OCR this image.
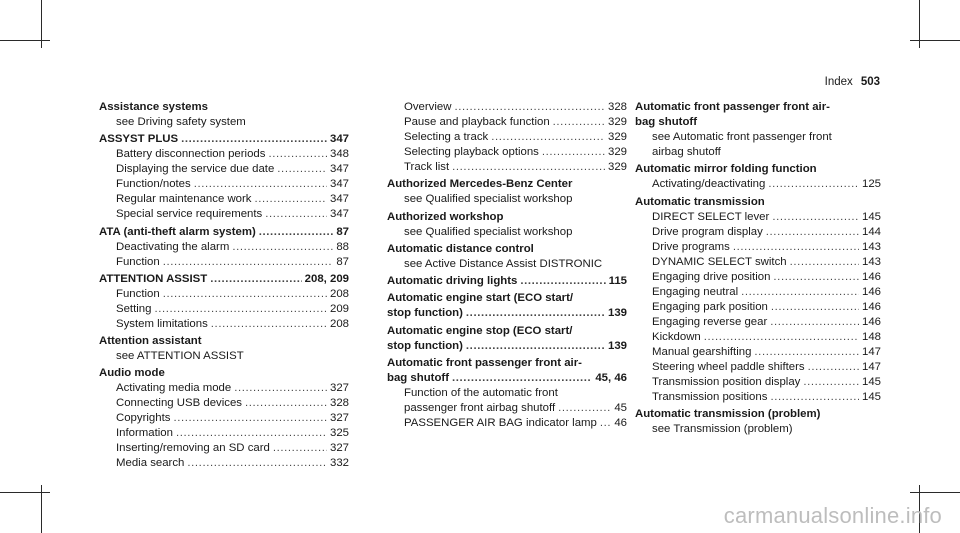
Index 503
Assistance systems
see Driving safety system
ASSYST PLUS .....	347
Battery disconnection periods .....	348
Displaying the service due date .....	347
Function/notes .....	347
Regular maintenance work .....	347
Special service requirements .....	347
ATA (anti-theft alarm system) .....	87
Deactivating the alarm .....	88
Function .....	87
ATTENTION ASSIST .....	208, 209
Function .....	208
Setting .....	209
System limitations .....	208
Attention assistant
see ATTENTION ASSIST
Audio mode
Activating media mode .....	327
Connecting USB devices .....	328
Copyrights .....	327
Information .....	325
Inserting/removing an SD card .....	327
Media search .....	332
Overview .....	328
Pause and playback function .....	329
Selecting a track .....	329
Selecting playback options .....	329
Track list .....	329
Authorized Mercedes-Benz Center
see Qualified specialist workshop
Authorized workshop
see Qualified specialist workshop
Automatic distance control
see Active Distance Assist DISTRONIC
Automatic driving lights .....	115
Automatic engine start (ECO start/
stop function) .....	139
Automatic engine stop (ECO start/
stop function) .....	139
Automatic front passenger front air-
bag shutoff .....	45, 46
Function of the automatic front
passenger front airbag shutoff .....	45
PASSENGER AIR BAG indicator lamp ..... 46
Automatic front passenger front air-
bag shutoff
see Automatic front passenger front
airbag shutoff
Automatic mirror folding function
Activating/deactivating .....	125
Automatic transmission
DIRECT SELECT lever .....	145
Drive program display .....	144
Drive programs .....	143
DYNAMIC SELECT switch .....	143
Engaging drive position .....	146
Engaging neutral .....	146
Engaging park position .....	146
Engaging reverse gear .....	146
Kickdown .....	148
Manual gearshifting .....	147
Steering wheel paddle shifters .....	147
Transmission position display .....	145
Transmission positions .....	145
Automatic transmission (problem)
see Transmission (problem)
carmanualsonline.info
